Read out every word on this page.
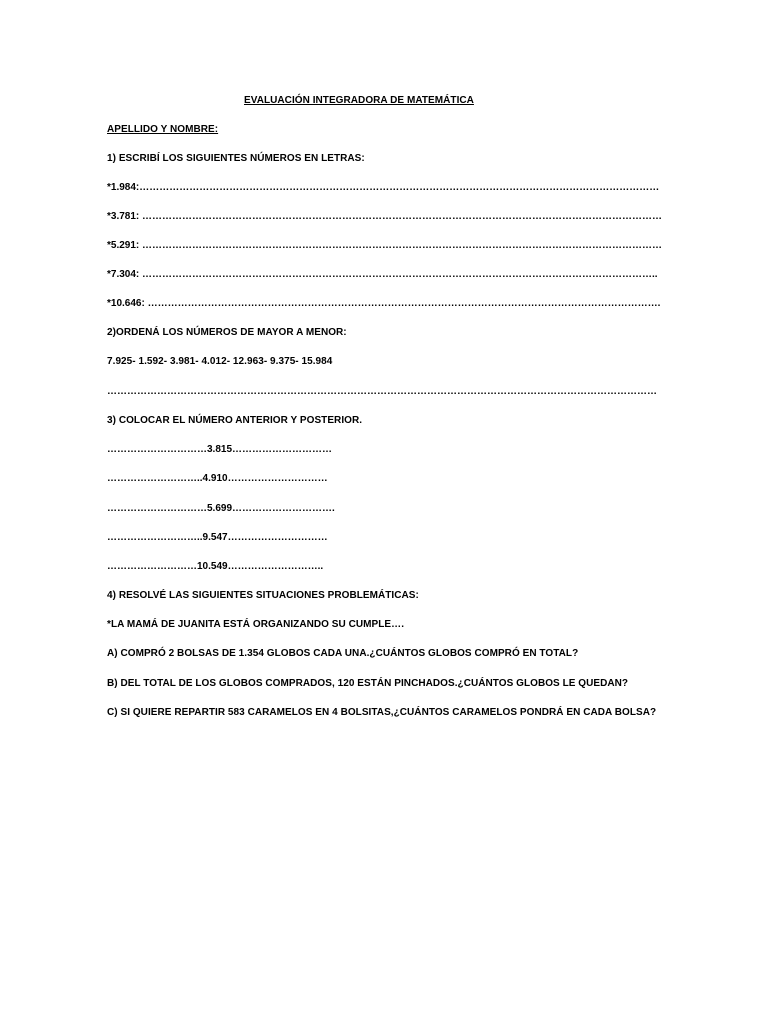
EVALUACIÓN INTEGRADORA DE MATEMÁTICA
APELLIDO Y NOMBRE:
1) ESCRIBÍ LOS SIGUIENTES NÚMEROS EN LETRAS:
*1.984:…………………………………………………………………………………………………………………………………………
*3.781: …………………………………………………………………………………………………………………………………………
*5.291: …………………………………………………………………………………………………………………………………………
*7.304: ………………………………………………………………………………………………………………………………………..
*10.646: ……………………………………………………………………………………………………………………………………….
2)ORDENÁ LOS NÚMEROS DE MAYOR A MENOR:
7.925- 1.592- 3.981- 4.012- 12.963- 9.375- 15.984
…………………………………………………………………………………………………………………………………………………
3) COLOCAR EL NÚMERO ANTERIOR Y POSTERIOR.
…………………………3.815…………………………
………………………..4.910…………………………
…………………………5.699………………………….
………………………..9.547…………………………
………………………10.549………………………..
4) RESOLVÉ LAS SIGUIENTES SITUACIONES PROBLEMÁTICAS:
*LA MAMÁ DE JUANITA ESTÁ ORGANIZANDO SU CUMPLE….
A) COMPRÓ 2 BOLSAS DE 1.354 GLOBOS CADA UNA.¿CUÁNTOS GLOBOS COMPRÓ EN TOTAL?
B) DEL TOTAL DE LOS GLOBOS COMPRADOS, 120 ESTÁN PINCHADOS.¿CUÁNTOS GLOBOS LE QUEDAN?
C) SI QUIERE REPARTIR 583 CARAMELOS EN 4 BOLSITAS,¿CUÁNTOS CARAMELOS PONDRÁ EN CADA BOLSA?
